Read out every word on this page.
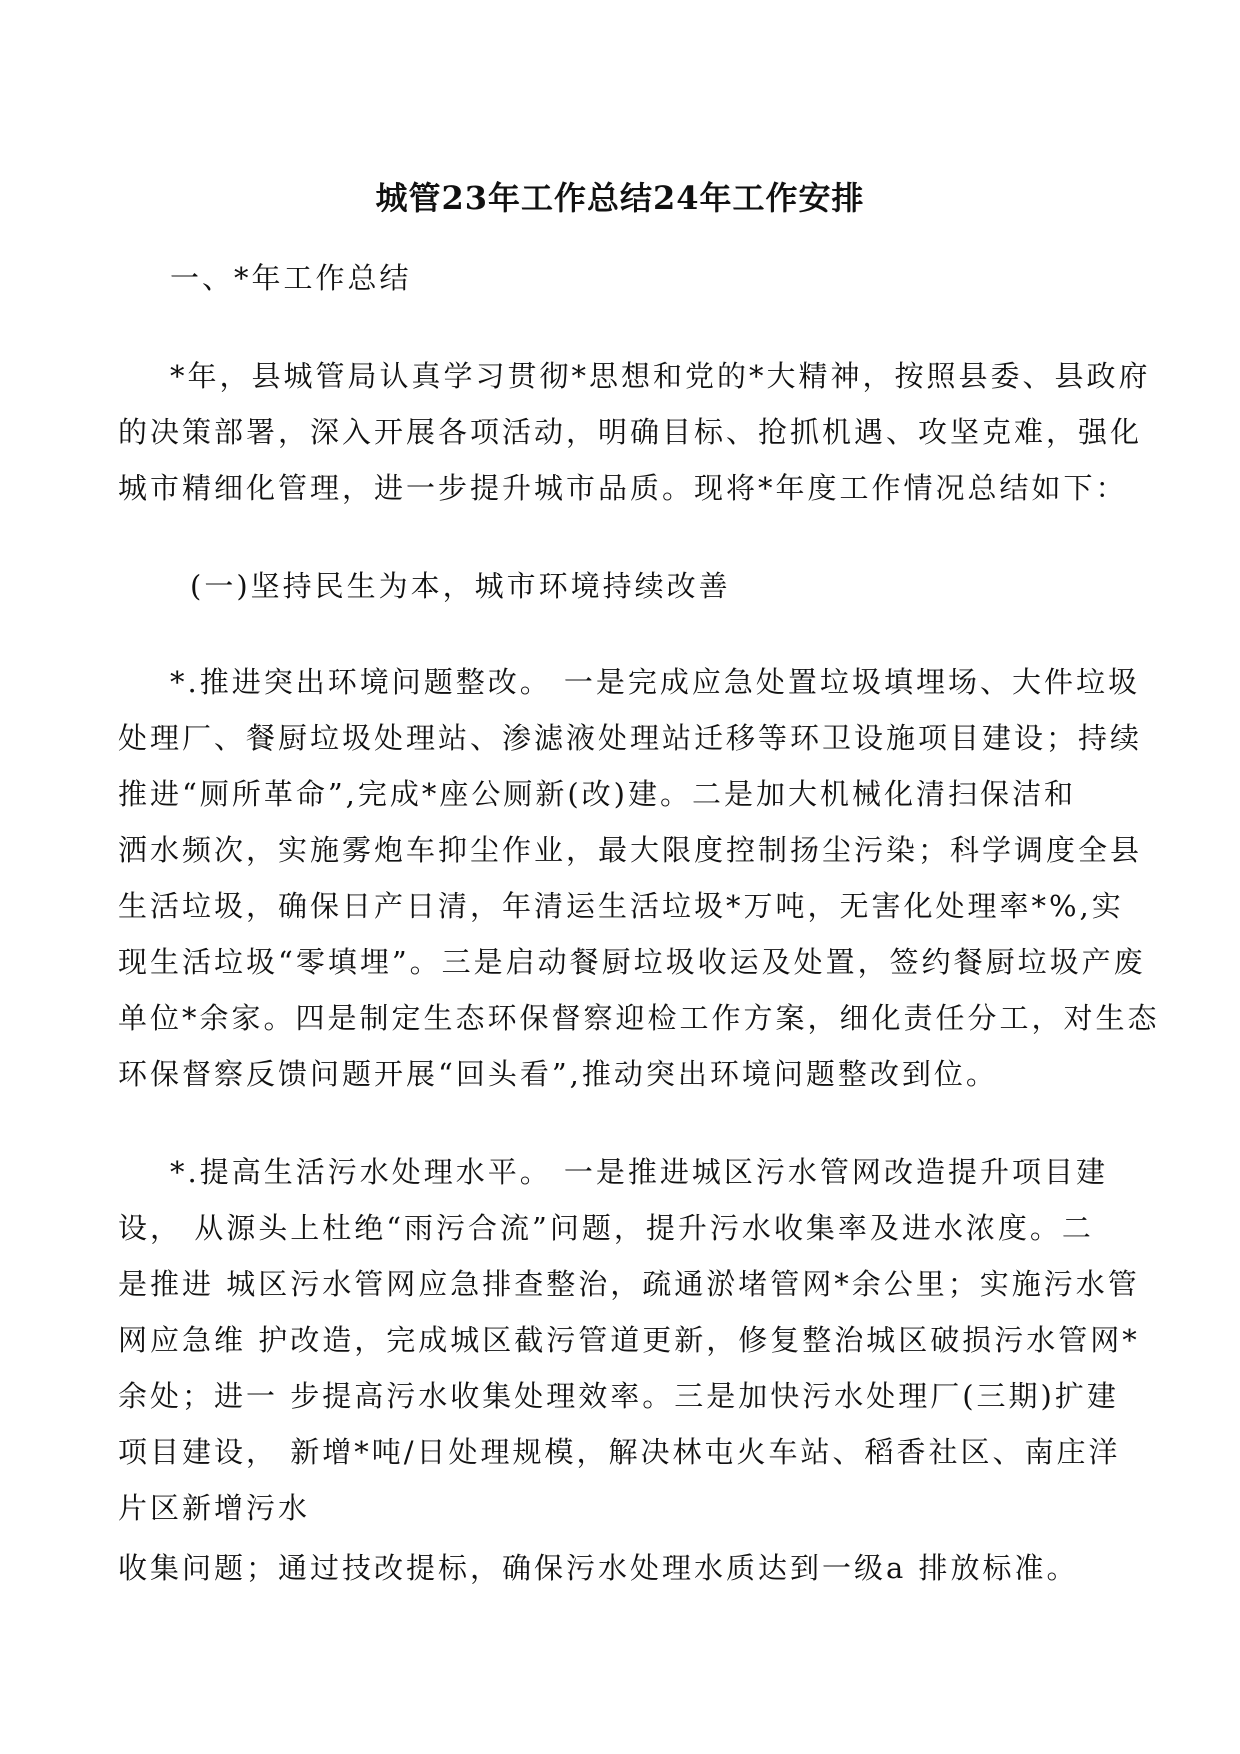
城管23年工作总结24年工作安排
一、*年工作总结
*年，县城管局认真学习贯彻*思想和党的*大精神，按照县委、县政府
的决策部署，深入开展各项活动，明确目标、抢抓机遇、攻坚克难，强化
城市精细化管理，进一步提升城市品质。现将*年度工作情况总结如下：
(一)坚持民生为本，城市环境持续改善
*.推进突出环境问题整改。 一是完成应急处置垃圾填埋场、大件垃圾
处理厂、餐厨垃圾处理站、渗滤液处理站迁移等环卫设施项目建设；持续
推进“厕所革命”,完成*座公厕新(改)建。二是加大机械化清扫保洁和
洒水频次，实施雾炮车抑尘作业，最大限度控制扬尘污染；科学调度全县
生活垃圾，确保日产日清，年清运生活垃圾*万吨，无害化处理率*%,实
现生活垃圾“零填埋”。三是启动餐厨垃圾收运及处置，签约餐厨垃圾产废
单位*余家。四是制定生态环保督察迎检工作方案，细化责任分工，对生态
环保督察反馈问题开展“回头看”,推动突出环境问题整改到位。
*.提高生活污水处理水平。 一是推进城区污水管网改造提升项目建
设， 从源头上杜绝“雨污合流”问题，提升污水收集率及进水浓度。二
是推进 城区污水管网应急排查整治，疏通淤堵管网*余公里；实施污水管
网应急维 护改造，完成城区截污管道更新，修复整治城区破损污水管网*
余处；进一 步提高污水收集处理效率。三是加快污水处理厂(三期)扩建
项目建设， 新增*吨/日处理规模，解决林屯火车站、稻香社区、南庄洋
片区新增污水
收集问题；通过技改提标，确保污水处理水质达到一级a 排放标准。
